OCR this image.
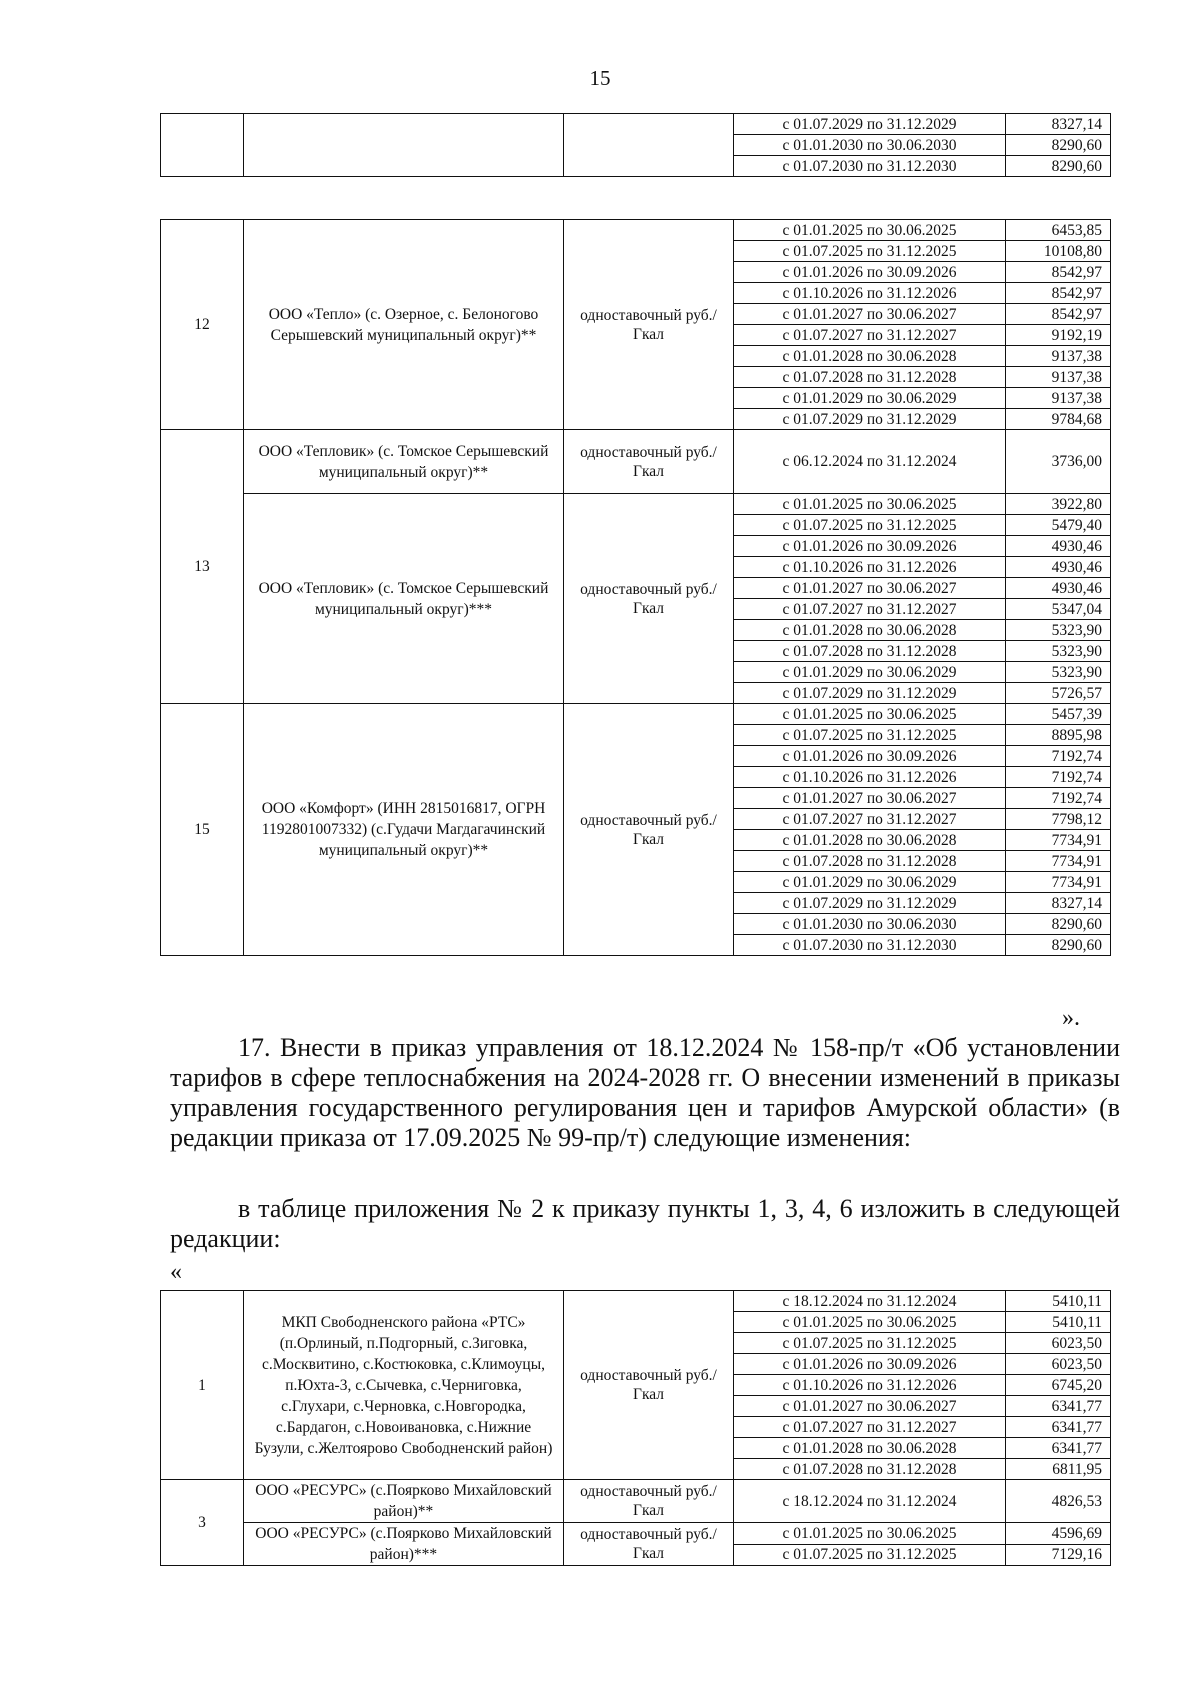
15
			с 01.07.2029 по 31.12.2029	8327,14
			с 01.01.2030 по 30.06.2030	8290,60
			с 01.07.2030 по 31.12.2030	8290,60
12	ООО «Тепло» (с. Озерное, с. Белоногово Серышевский муниципальный округ)**	одноставочный руб./Гкал	с 01.01.2025 по 30.06.2025	6453,85
			с 01.07.2025 по 31.12.2025	10108,80
			с 01.01.2026 по 30.09.2026	8542,97
			с 01.10.2026 по 31.12.2026	8542,97
			с 01.01.2027 по 30.06.2027	8542,97
			с 01.07.2027 по 31.12.2027	9192,19
			с 01.01.2028 по 30.06.2028	9137,38
			с 01.07.2028 по 31.12.2028	9137,38
			с 01.01.2029 по 30.06.2029	9137,38
			с 01.07.2029 по 31.12.2029	9784,68
13	ООО «Тепловик» (с. Томское Серышевский муниципальный округ)**	одноставочный руб./Гкал	с 06.12.2024 по 31.12.2024	3736,00
	ООО «Тепловик» (с. Томское Серышевский муниципальный округ)***	одноставочный руб./Гкал	с 01.01.2025 по 30.06.2025	3922,80
			с 01.07.2025 по 31.12.2025	5479,40
			с 01.01.2026 по 30.09.2026	4930,46
			с 01.10.2026 по 31.12.2026	4930,46
			с 01.01.2027 по 30.06.2027	4930,46
			с 01.07.2027 по 31.12.2027	5347,04
			с 01.01.2028 по 30.06.2028	5323,90
			с 01.07.2028 по 31.12.2028	5323,90
			с 01.01.2029 по 30.06.2029	5323,90
			с 01.07.2029 по 31.12.2029	5726,57
15	ООО «Комфорт» (ИНН 2815016817, ОГРН 1192801007332) (с.Гудачи Магдагачинский муниципальный округ)**	одноставочный руб./Гкал	с 01.01.2025 по 30.06.2025	5457,39
			с 01.07.2025 по 31.12.2025	8895,98
			с 01.01.2026 по 30.09.2026	7192,74
			с 01.10.2026 по 31.12.2026	7192,74
			с 01.01.2027 по 30.06.2027	7192,74
			с 01.07.2027 по 31.12.2027	7798,12
			с 01.01.2028 по 30.06.2028	7734,91
			с 01.07.2028 по 31.12.2028	7734,91
			с 01.01.2029 по 30.06.2029	7734,91
			с 01.07.2029 по 31.12.2029	8327,14
			с 01.01.2030 по 30.06.2030	8290,60
			с 01.07.2030 по 31.12.2030	8290,60
».

17. Внести в приказ управления от 18.12.2024 № 158-пр/т «Об установлении тарифов в сфере теплоснабжения на 2024-2028 гг. О внесении изменений в приказы управления государственного регулирования цен и тарифов Амурской области» (в редакции приказа от 17.09.2025 № 99-пр/т) следующие изменения:

в таблице приложения № 2 к приказу пункты 1, 3, 4, 6 изложить в следующей редакции:

«
1	МКП Свободненского района «РТС» (п.Орлиный, п.Подгорный, с.Зиговка, с.Москвитино, с.Костюковка, с.Климоуцы, п.Юхта-3, с.Сычевка, с.Черниговка, с.Глухари, с.Черновка, с.Новгородка, с.Бардагон, с.Новоивановка, с.Нижние Бузули, с.Желтоярово Свободненский район)	одноставочный руб./Гкал	с 18.12.2024 по 31.12.2024	5410,11
			с 01.01.2025 по 30.06.2025	5410,11
			с 01.07.2025 по 31.12.2025	6023,50
			с 01.01.2026 по 30.09.2026	6023,50
			с 01.10.2026 по 31.12.2026	6745,20
			с 01.01.2027 по 30.06.2027	6341,77
			с 01.07.2027 по 31.12.2027	6341,77
			с 01.01.2028 по 30.06.2028	6341,77
			с 01.07.2028 по 31.12.2028	6811,95
3	ООО «РЕСУРС» (с.Поярково Михайловский район)**	одноставочный руб./Гкал	с 18.12.2024 по 31.12.2024	4826,53
	ООО «РЕСУРС» (с.Поярково Михайловский район)***	одноставочный руб./Гкал	с 01.01.2025 по 30.06.2025	4596,69
			с 01.07.2025 по 31.12.2025	7129,16
